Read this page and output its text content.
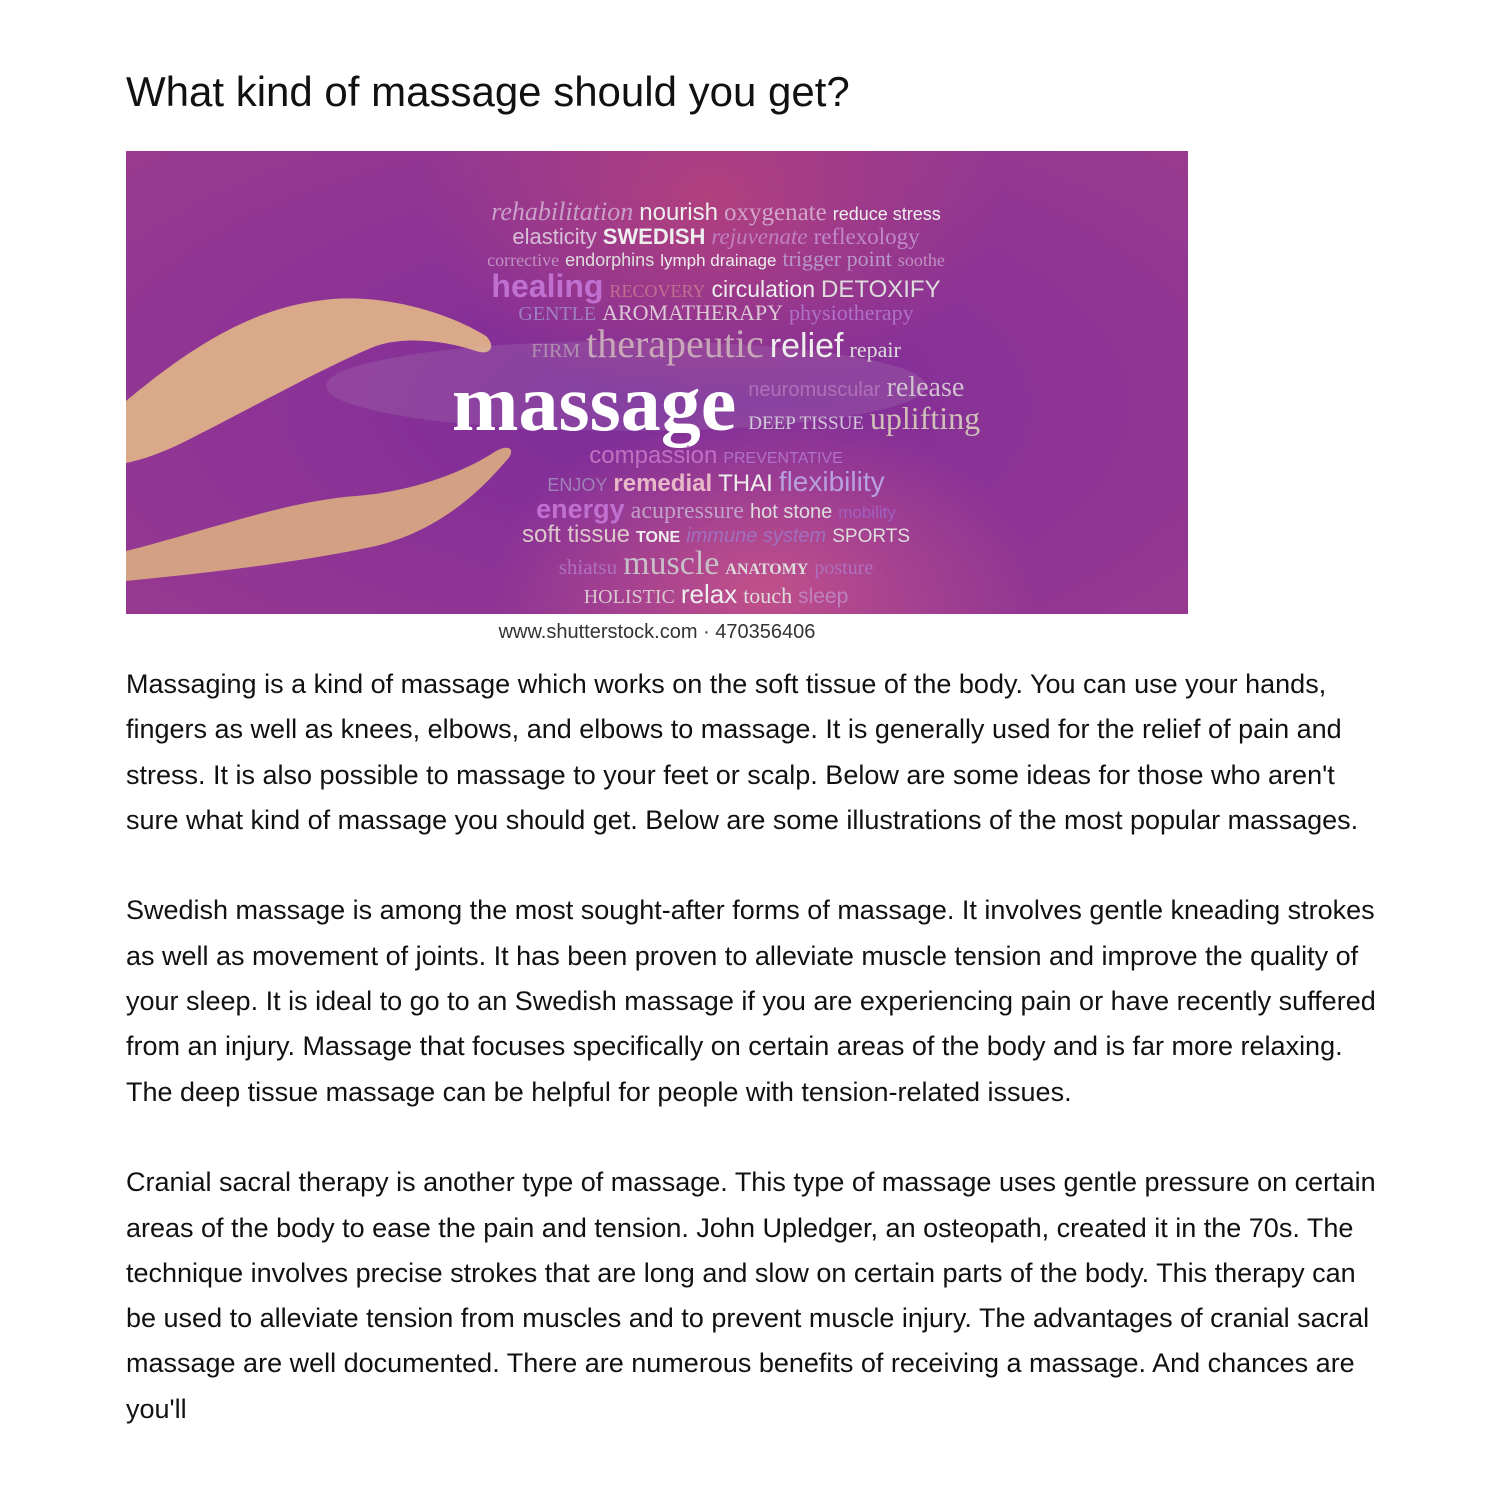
What kind of massage should you get?
rehabilitation nourish oxygenate reduce stress
elasticity SWEDISH rejuvenate reflexology
corrective endorphins lymph drainage trigger point soothe
healing RECOVERY circulation DETOXIFY
GENTLE AROMATHERAPY physiotherapy
FIRM therapeutic relief repair
massage neuromuscular release
DEEP TISSUE uplifting
compassion PREVENTATIVE
ENJOY remedial THAI flexibility
energy acupressure hot stone mobility
soft tissue TONE immune system SPORTS
shiatsu muscle ANATOMY posture
HOLISTIC relax touch sleep
www.shutterstock.com · 470356406

Massaging is a kind of massage which works on the soft tissue of the body. You can use your hands, fingers as well as knees, elbows, and elbows to massage. It is generally used for the relief of pain and stress. It is also possible to massage to your feet or scalp. Below are some ideas for those who aren't sure what kind of massage you should get. Below are some illustrations of the most popular massages.

Swedish massage is among the most sought-after forms of massage. It involves gentle kneading strokes as well as movement of joints. It has been proven to alleviate muscle tension and improve the quality of your sleep. It is ideal to go to an Swedish massage if you are experiencing pain or have recently suffered from an injury. Massage that focuses specifically on certain areas of the body and is far more relaxing. The deep tissue massage can be helpful for people with tension-related issues.

Cranial sacral therapy is another type of massage. This type of massage uses gentle pressure on certain areas of the body to ease the pain and tension. John Upledger, an osteopath, created it in the 70s. The technique involves precise strokes that are long and slow on certain parts of the body. This therapy can be used to alleviate tension from muscles and to prevent muscle injury. The advantages of cranial sacral massage are well documented. There are numerous benefits of receiving a massage. And chances are you'll
